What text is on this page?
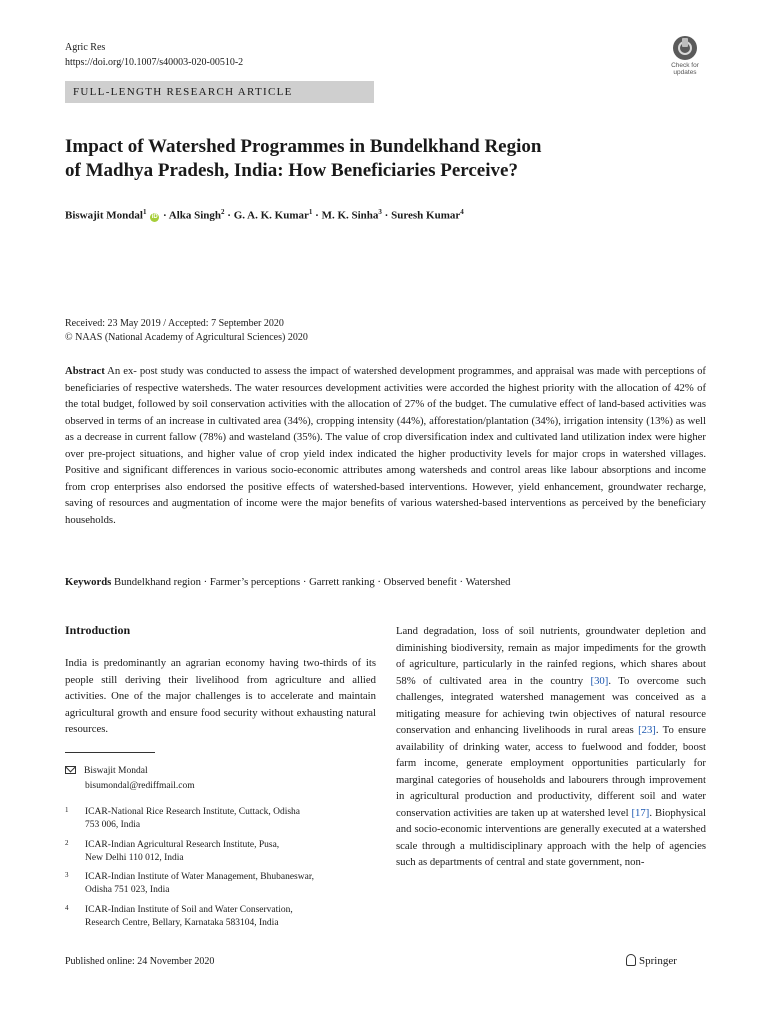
Agric Res
https://doi.org/10.1007/s40003-020-00510-2	Check for
updates
FULL-LENGTH RESEARCH ARTICLE
Impact of Watershed Programmes in Bundelkhand Region
of Madhya Pradesh, India: How Beneficiaries Perceive?
Biswajit Mondal$^1$ iD · Alka Singh$^2$ · G. A. K. Kumar$^1$ · M. K. Sinha$^3$ · Suresh Kumar$^4$
Received: 23 May 2019 / Accepted: 7 September 2020
© NAAS (National Academy of Agricultural Sciences) 2020
Abstract An ex- post study was conducted to assess the impact of watershed development programmes, and appraisal was made with perceptions of beneficiaries of respective watersheds. The water resources development activities were accorded the highest priority with the allocation of 42% of the total budget, followed by soil conservation activities with the allocation of 27% of the budget. The cumulative effect of land-based activities was observed in terms of an increase in cultivated area (34%), cropping intensity (44%), afforestation/plantation (34%), irrigation intensity (13%) as well as a decrease in current fallow (78%) and wasteland (35%). The value of crop diversification index and cultivated land utilization index were higher over pre-project situations, and higher value of crop yield index indicated the higher productivity levels for major crops in watershed villages. Positive and significant differences in various socio-economic attributes among watersheds and control areas like labour absorptions and income from crop enterprises also endorsed the positive effects of watershed-based interventions. However, yield enhancement, groundwater recharge, saving of resources and augmentation of income were the major benefits of various watershed-based interventions as perceived by the beneficiary households.
Keywords Bundelkhand region · Farmer’s perceptions · Garrett ranking · Observed benefit · Watershed
Introduction
India is predominantly an agrarian economy having two-thirds of its people still deriving their livelihood from agriculture and allied activities. One of the major challenges is to accelerate and maintain agricultural growth and ensure food security without exhausting natural resources.
Land degradation, loss of soil nutrients, groundwater depletion and diminishing biodiversity, remain as major impediments for the growth of agriculture, particularly in the rainfed regions, which shares about 58% of cultivated area in the country [30]. To overcome such challenges, integrated watershed management was conceived as a mitigating measure for achieving twin objectives of natural resource conservation and enhancing livelihoods in rural areas [23]. To ensure availability of drinking water, access to fuelwood and fodder, boost farm income, generate employment opportunities particularly for marginal categories of households and labourers through improvement in agricultural production and productivity, different soil and water conservation activities are taken up at watershed level [17]. Biophysical and socio-economic interventions are generally executed at a watershed scale through a multidisciplinary approach with the help of agencies such as departments of central and state government, non-
Biswajit Mondal
bisumondal@rediffmail.com
1 ICAR-National Rice Research Institute, Cuttack, Odisha
753 006, India
2 ICAR-Indian Agricultural Research Institute, Pusa,
New Delhi 110 012, India
3 ICAR-Indian Institute of Water Management, Bhubaneswar,
Odisha 751 023, India
4 ICAR-Indian Institute of Soil and Water Conservation,
Research Centre, Bellary, Karnataka 583104, India
Published online: 24 November 2020	Springer
